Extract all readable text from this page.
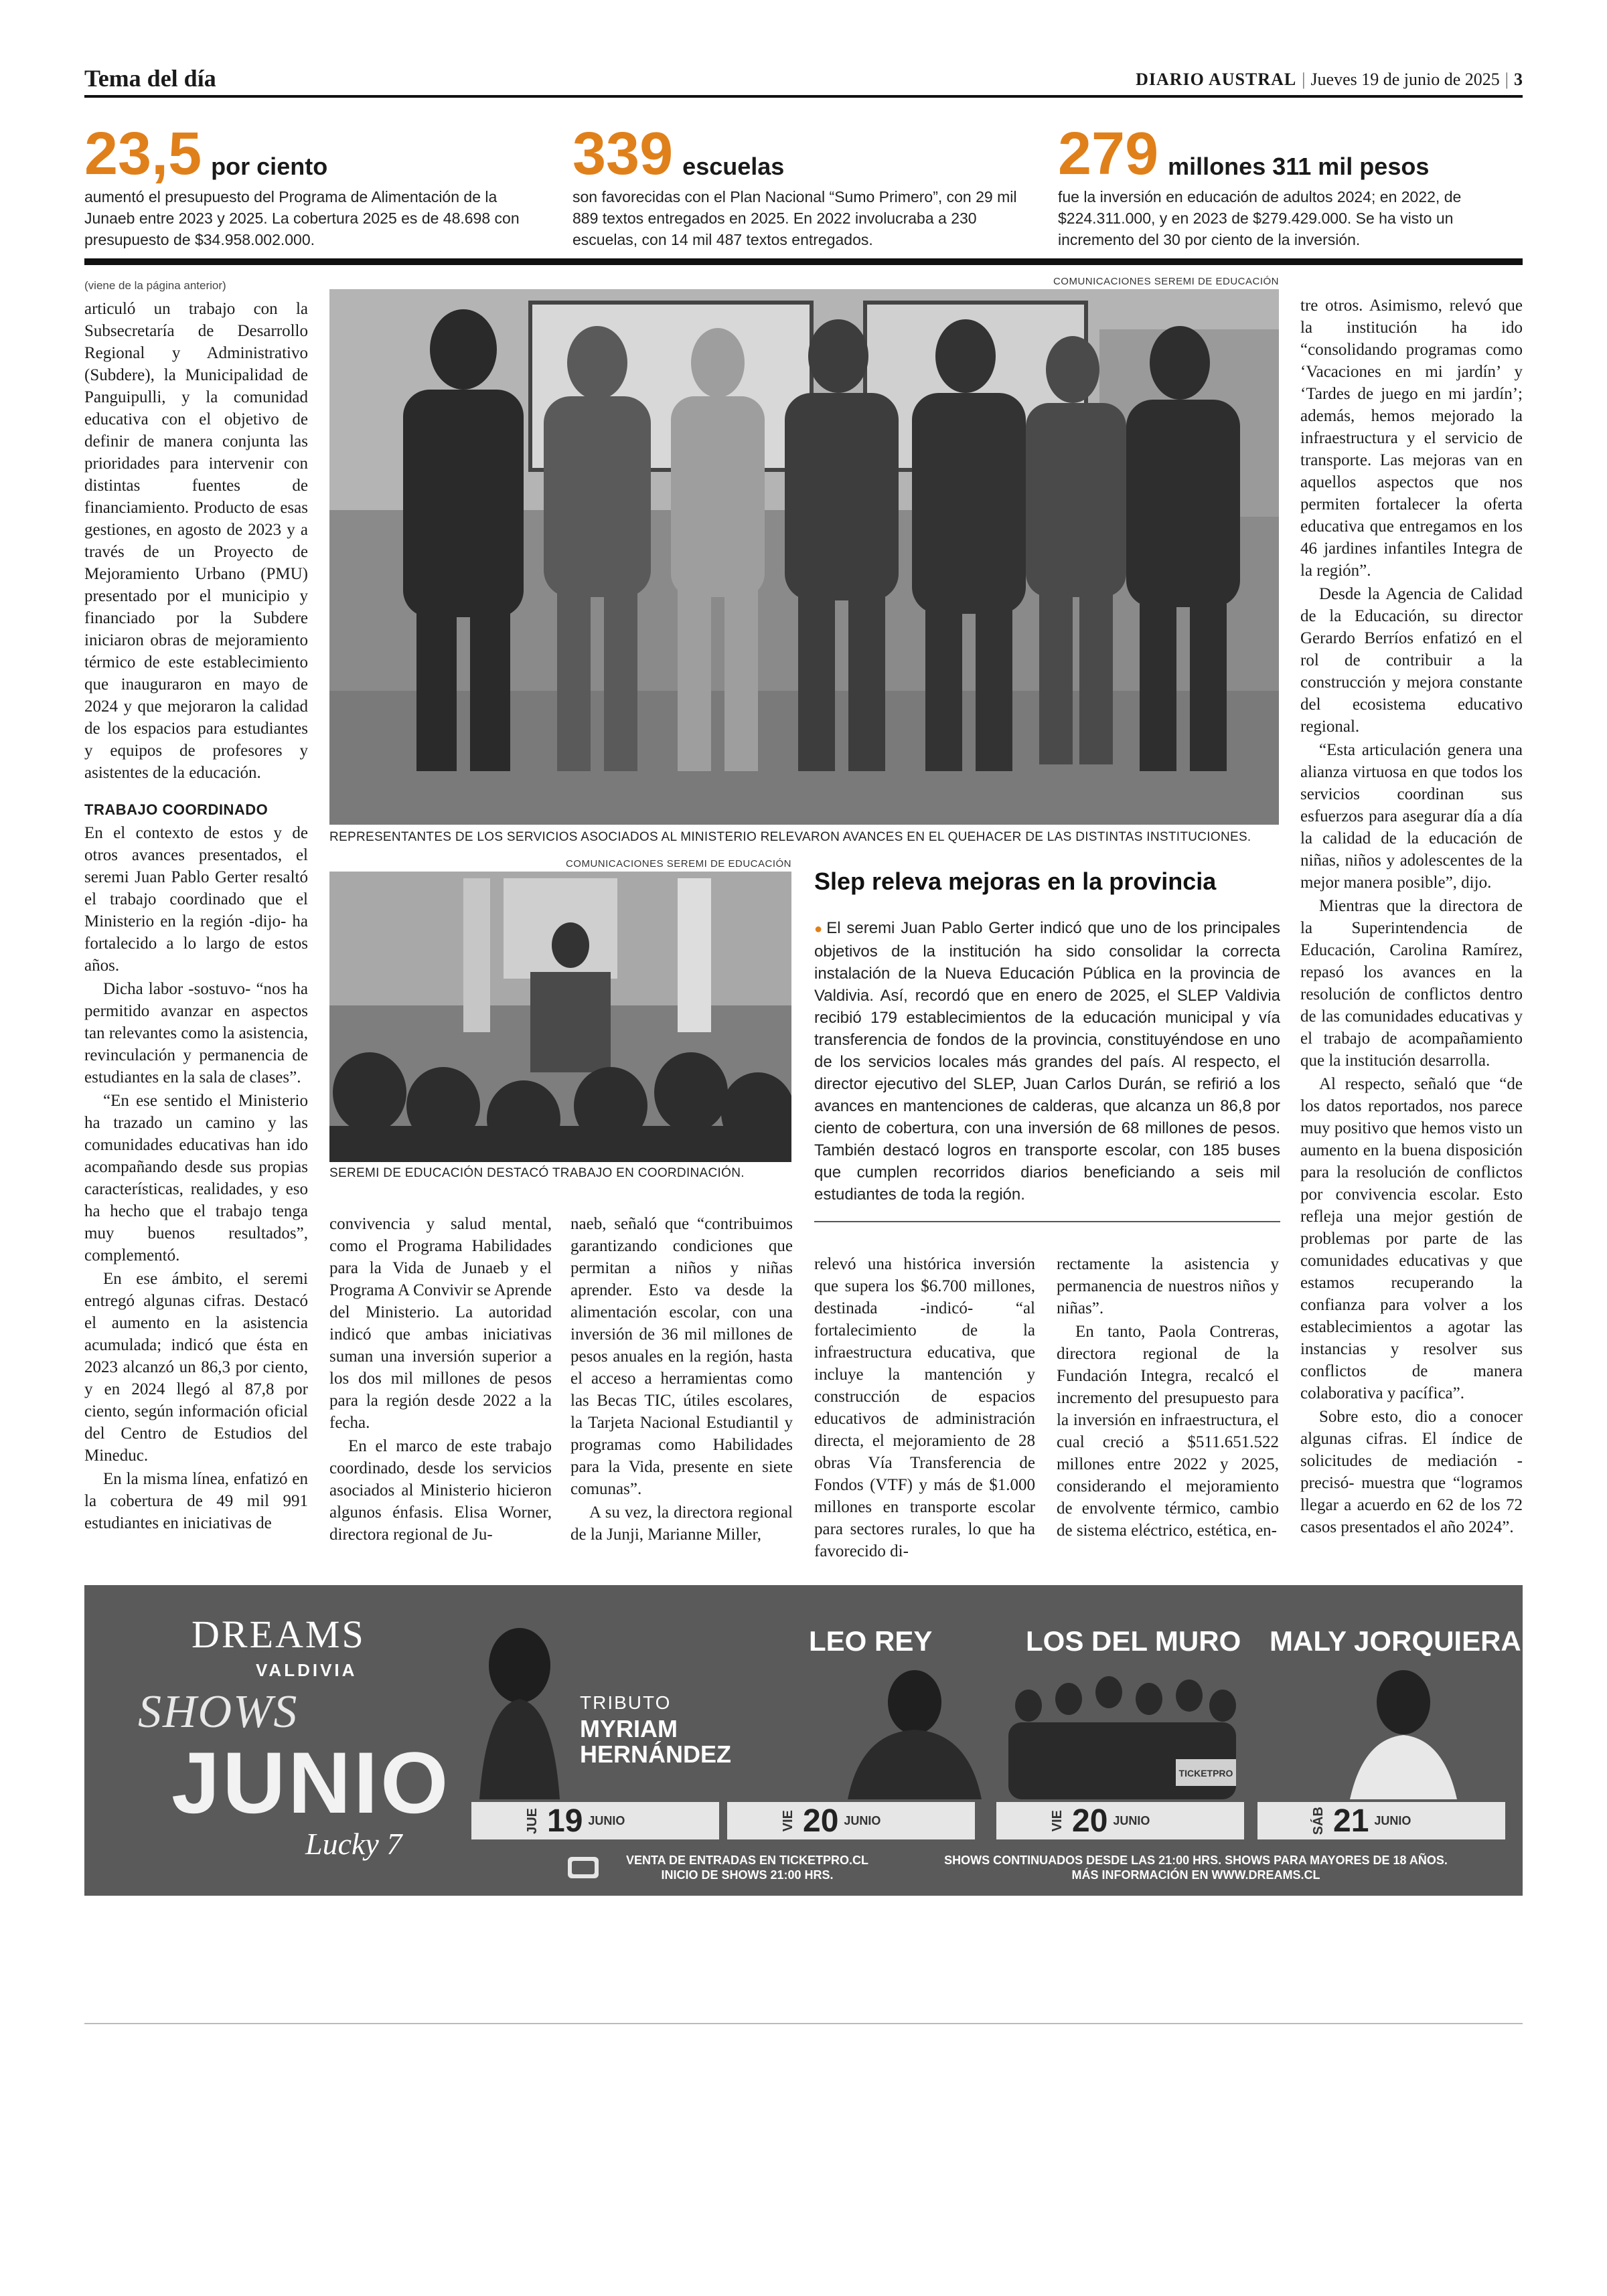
Tema del día	DIARIO AUSTRAL | Jueves 19 de junio de 2025 | 3
23,5 por ciento
aumentó el presupuesto del Programa de Alimentación de la Junaeb entre 2023 y 2025. La cobertura 2025 es de 48.698 con presupuesto de $34.958.002.000.
339 escuelas
son favorecidas con el Plan Nacional “Sumo Primero”, con 29 mil 889 textos entregados en 2025. En 2022 involucraba a 230 escuelas, con 14 mil 487 textos entregados.
279 millones 311 mil pesos
fue la inversión en educación de adultos 2024; en 2022, de $224.311.000, y en 2023 de $279.429.000. Se ha visto un incremento del 30 por ciento de la inversión.

(viene de la página anterior)

articuló un trabajo con la Subsecretaría de Desarrollo Regional y Administrativo (Subdere), la Municipalidad de Panguipulli, y la comunidad educativa con el objetivo de definir de manera conjunta las prioridades para intervenir con distintas fuentes de financiamiento. Producto de esas gestiones, en agosto de 2023 y a través de un Proyecto de Mejoramiento Urbano (PMU) presentado por el municipio y financiado por la Subdere iniciaron obras de mejoramiento térmico de este establecimiento que inauguraron en mayo de 2024 y que mejoraron la calidad de los espacios para estudiantes y equipos de profesores y asistentes de la educación.

TRABAJO COORDINADO

En el contexto de estos y de otros avances presentados, el seremi Juan Pablo Gerter resaltó el trabajo coordinado que el Ministerio en la región -dijo- ha fortalecido a lo largo de estos años.

Dicha labor -sostuvo- “nos ha permitido avanzar en aspectos tan relevantes como la asistencia, revinculación y permanencia de estudiantes en la sala de clases”.

“En ese sentido el Ministerio ha trazado un camino y las comunidades educativas han ido acompañando desde sus propias características, realidades, y eso ha hecho que el trabajo tenga muy buenos resultados”, complementó.

En ese ámbito, el seremi entregó algunas cifras. Destacó el aumento en la asistencia acumulada; indicó que ésta en 2023 alcanzó un 86,3 por ciento, y en 2024 llegó al 87,8 por ciento, según información oficial del Centro de Estudios del Mineduc.

En la misma línea, enfatizó en la cobertura de 49 mil 991 estudiantes en iniciativas de

COMUNICACIONES SEREMI DE EDUCACIÓN
REPRESENTANTES DE LOS SERVICIOS ASOCIADOS AL MINISTERIO RELEVARON AVANCES EN EL QUEHACER DE LAS DISTINTAS INSTITUCIONES.
COMUNICACIONES SEREMI DE EDUCACIÓN
SEREMI DE EDUCACIÓN DESTACÓ TRABAJO EN COORDINACIÓN.
Slep releva mejoras en la provincia
● El seremi Juan Pablo Gerter indicó que uno de los principales objetivos de la institución ha sido consolidar la correcta instalación de la Nueva Educación Pública en la provincia de Valdivia. Así, recordó que en enero de 2025, el SLEP Valdivia recibió 179 establecimientos de la educación municipal y vía transferencia de fondos de la provincia, constituyéndose en uno de los servicios locales más grandes del país. Al respecto, el director ejecutivo del SLEP, Juan Carlos Durán, se refirió a los avances en mantenciones de calderas, que alcanza un 86,8 por ciento de cobertura, con una inversión de 68 millones de pesos. También destacó logros en transporte escolar, con 185 buses que cumplen recorridos diarios beneficiando a seis mil estudiantes de toda la región.

convivencia y salud mental, como el Programa Habilidades para la Vida de Junaeb y el Programa A Convivir se Aprende del Ministerio. La autoridad indicó que ambas iniciativas suman una inversión superior a los dos mil millones de pesos para la región desde 2022 a la fecha.

En el marco de este trabajo coordinado, desde los servicios asociados al Ministerio hicieron algunos énfasis. Elisa Worner, directora regional de Ju-

naeb, señaló que “contribuimos garantizando condiciones que permitan a niños y niñas aprender. Esto va desde la alimentación escolar, con una inversión de 36 mil millones de pesos anuales en la región, hasta el acceso a herramientas como las Becas TIC, útiles escolares, la Tarjeta Nacional Estudiantil y programas como Habilidades para la Vida, presente en siete comunas”.

A su vez, la directora regional de la Junji, Marianne Miller,

relevó una histórica inversión que supera los $6.700 millones, destinada -indicó- “al fortalecimiento de la infraestructura educativa, que incluye la mantención y construcción de espacios educativos de administración directa, el mejoramiento de 28 obras Vía Transferencia de Fondos (VTF) y más de $1.000 millones en transporte escolar para sectores rurales, lo que ha favorecido di-

rectamente la asistencia y permanencia de nuestros niños y niñas”.

En tanto, Paola Contreras, directora regional de la Fundación Integra, recalcó el incremento del presupuesto para la inversión en infraestructura, el cual creció a $511.651.522 millones entre 2022 y 2025, considerando el mejoramiento de envolvente térmico, cambio de sistema eléctrico, estética, en-

tre otros. Asimismo, relevó que la institución ha ido “consolidando programas como ‘Vacaciones en mi jardín’ y ‘Tardes de juego en mi jardín’; además, hemos mejorado la infraestructura y el servicio de transporte. Las mejoras van en aquellos aspectos que nos permiten fortalecer la oferta educativa que entregamos en los 46 jardines infantiles Integra de la región”.

Desde la Agencia de Calidad de la Educación, su director Gerardo Berríos enfatizó en el rol de contribuir a la construcción y mejora constante del ecosistema educativo regional.

“Esta articulación genera una alianza virtuosa en que todos los servicios coordinan sus esfuerzos para asegurar día a día la calidad de la educación de niñas, niños y adolescentes de la mejor manera posible”, dijo.

Mientras que la directora de la Superintendencia de Educación, Carolina Ramírez, repasó los avances en la resolución de conflictos dentro de las comunidades educativas y el trabajo de acompañamiento que la institución desarrolla.

Al respecto, señaló que “de los datos reportados, nos parece muy positivo que hemos visto un aumento en la buena disposición para la resolución de conflictos por convivencia escolar. Esto refleja una mejor gestión de problemas por parte de las comunidades educativas y que estamos recuperando la confianza para volver a los establecimientos a agotar las instancias y resolver sus conflictos de manera colaborativa y pacífica”.

Sobre esto, dio a conocer algunas cifras. El índice de solicitudes de mediación -precisó- muestra que “logramos llegar a acuerdo en 62 de los 72 casos presentados el año 2024”.

DREAMS
VALDIVIA
SHOWS
JUNIO
Lucky 7
TRIBUTO
MYRIAM HERNÁNDEZ
LEO REY	LOS DEL MURO
TICKETPRO
MALY JORQUIERA
JUE 19 JUNIO	VIE 20 JUNIO	VIE 20 JUNIO	SÁB 21 JUNIO
VENTA DE ENTRADAS EN TICKETPRO.CL
INICIO DE SHOWS 21:00 HRS.
SHOWS CONTINUADOS DESDE LAS 21:00 HRS. SHOWS PARA MAYORES DE 18 AÑOS.
MÁS INFORMACIÓN EN WWW.DREAMS.CL
